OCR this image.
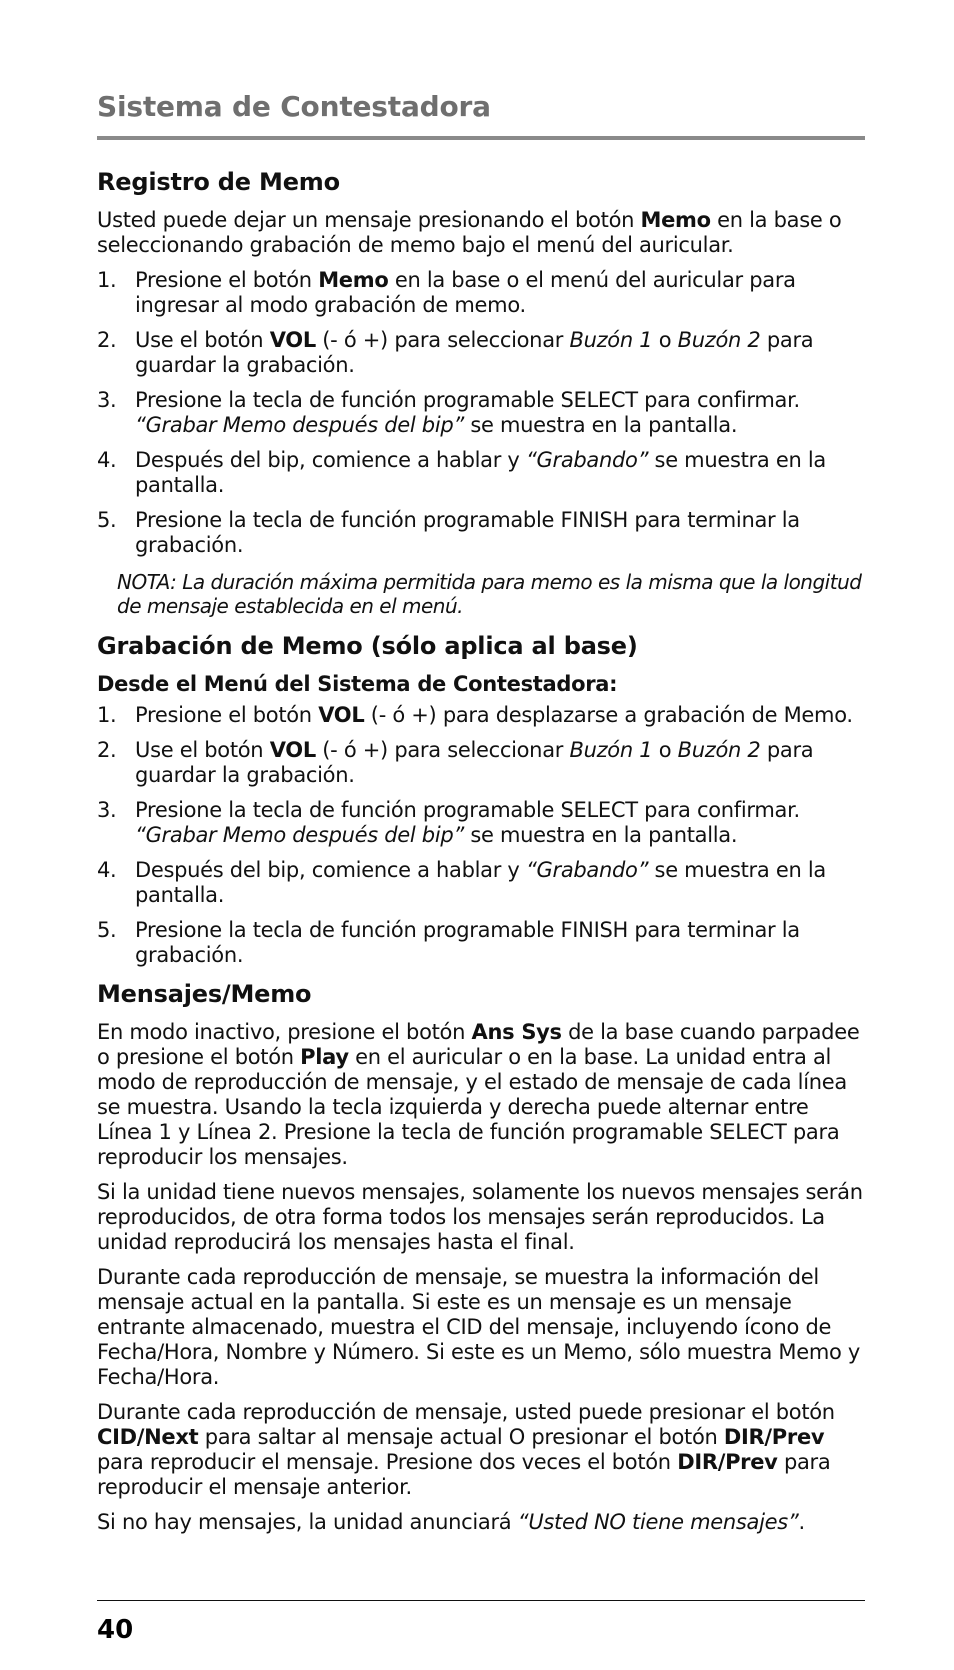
Sistema de Contestadora
Registro de Memo

Usted puede dejar un mensaje presionando el botón Memo en la base o seleccionando grabación de memo bajo el menú del auricular.

1. Presione el botón Memo en la base o el menú del auricular para ingresar al modo grabación de memo.
2. Use el botón VOL (- ó +) para seleccionar Buzón 1 o Buzón 2 para guardar la grabación.
3. Presione la tecla de función programable SELECT para confirmar. “Grabar Memo después del bip” se muestra en la pantalla.
4. Después del bip, comience a hablar y “Grabando” se muestra en la pantalla.
5. Presione la tecla de función programable FINISH para terminar la grabación.

NOTA: La duración máxima permitida para memo es la misma que la longitud de mensaje establecida en el menú.

Grabación de Memo (sólo aplica al base)
Desde el Menú del Sistema de Contestadora:
1. Presione el botón VOL (- ó +) para desplazarse a grabación de Memo.
2. Use el botón VOL (- ó +) para seleccionar Buzón 1 o Buzón 2 para guardar la grabación.
3. Presione la tecla de función programable SELECT para confirmar. “Grabar Memo después del bip” se muestra en la pantalla.
4. Después del bip, comience a hablar y “Grabando” se muestra en la pantalla.
5. Presione la tecla de función programable FINISH para terminar la grabación.
Mensajes/Memo

En modo inactivo, presione el botón Ans Sys de la base cuando parpadee o presione el botón Play en el auricular o en la base. La unidad entra al modo de reproducción de mensaje, y el estado de mensaje de cada línea se muestra. Usando la tecla izquierda y derecha puede alternar entre Línea 1 y Línea 2. Presione la tecla de función programable SELECT para reproducir los mensajes.

Si la unidad tiene nuevos mensajes, solamente los nuevos mensajes serán reproducidos, de otra forma todos los mensajes serán reproducidos. La unidad reproducirá los mensajes hasta el final.

Durante cada reproducción de mensaje, se muestra la información del mensaje actual en la pantalla. Si este es un mensaje es un mensaje entrante almacenado, muestra el CID del mensaje, incluyendo ícono de Fecha/Hora, Nombre y Número. Si este es un Memo, sólo muestra Memo y Fecha/Hora.

Durante cada reproducción de mensaje, usted puede presionar el botón CID/Next para saltar al mensaje actual O presionar el botón DIR/Prev para reproducir el mensaje. Presione dos veces el botón DIR/Prev para reproducir el mensaje anterior.

Si no hay mensajes, la unidad anunciará “Usted NO tiene mensajes”.

40
